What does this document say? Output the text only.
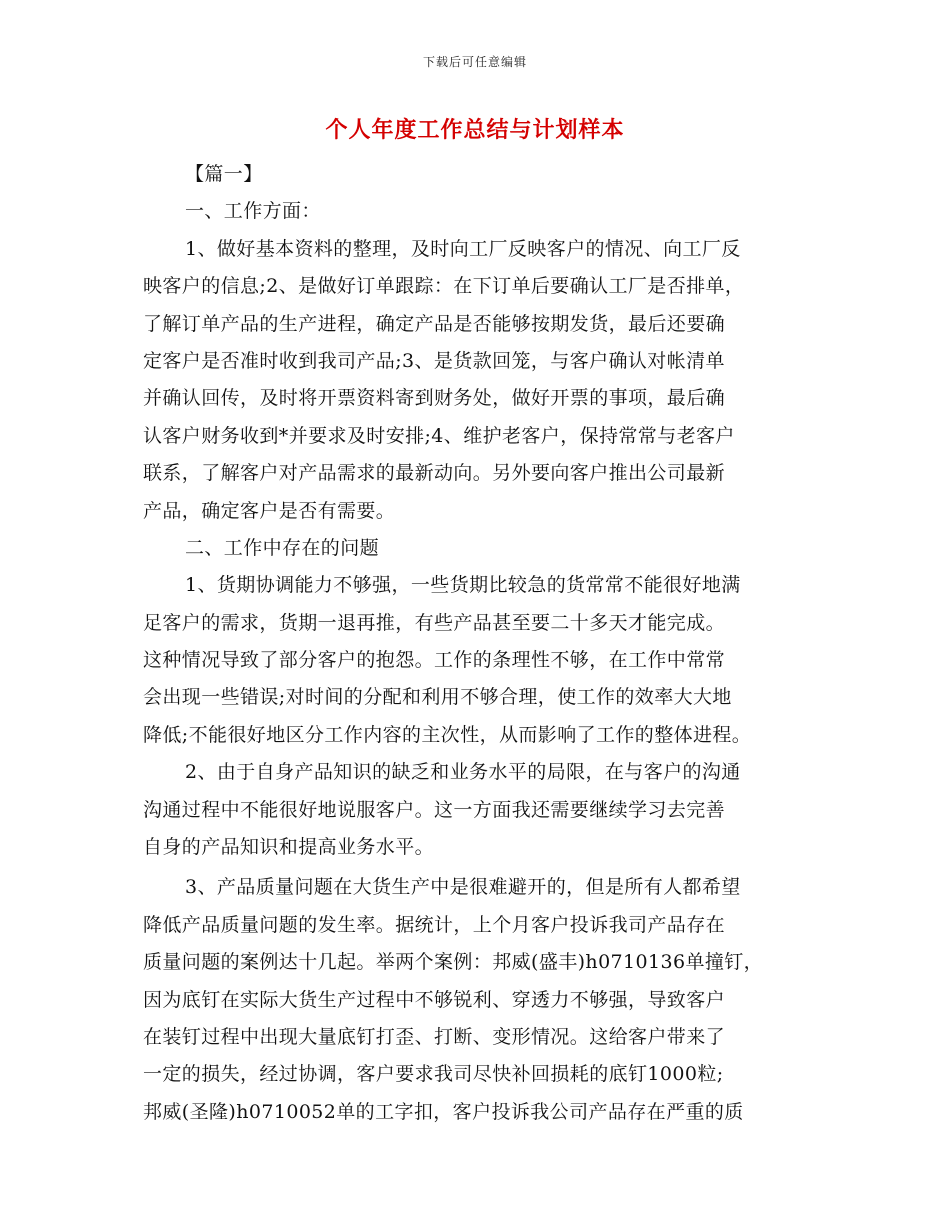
下载后可任意编辑
个人年度工作总结与计划样本
【篇一】
一、工作方面：
1、做好基本资料的整理，及时向工厂反映客户的情况、向工厂反
映客户的信息;2、是做好订单跟踪：在下订单后要确认工厂是否排单，
了解订单产品的生产进程，确定产品是否能够按期发货，最后还要确
定客户是否准时收到我司产品;3、是货款回笼，与客户确认对帐清单
并确认回传，及时将开票资料寄到财务处，做好开票的事项，最后确
认客户财务收到*并要求及时安排;4、维护老客户，保持常常与老客户
联系，了解客户对产品需求的最新动向。另外要向客户推出公司最新
产品，确定客户是否有需要。
二、工作中存在的问题
1、货期协调能力不够强，一些货期比较急的货常常不能很好地满
足客户的需求，货期一退再推，有些产品甚至要二十多天才能完成。
这种情况导致了部分客户的抱怨。工作的条理性不够，在工作中常常
会出现一些错误;对时间的分配和利用不够合理，使工作的效率大大地
降低;不能很好地区分工作内容的主次性，从而影响了工作的整体进程。
2、由于自身产品知识的缺乏和业务水平的局限，在与客户的沟通
沟通过程中不能很好地说服客户。这一方面我还需要继续学习去完善
自身的产品知识和提高业务水平。
3、产品质量问题在大货生产中是很难避开的，但是所有人都希望
降低产品质量问题的发生率。据统计，上个月客户投诉我司产品存在
质量问题的案例达十几起。举两个案例：邦威(盛丰)h0710136单撞钉，
因为底钉在实际大货生产过程中不够锐利、穿透力不够强，导致客户
在装钉过程中出现大量底钉打歪、打断、变形情况。这给客户带来了
一定的损失，经过协调，客户要求我司尽快补回损耗的底钉1000粒;
邦威(圣隆)h0710052单的工字扣，客户投诉我公司产品存在严重的质
